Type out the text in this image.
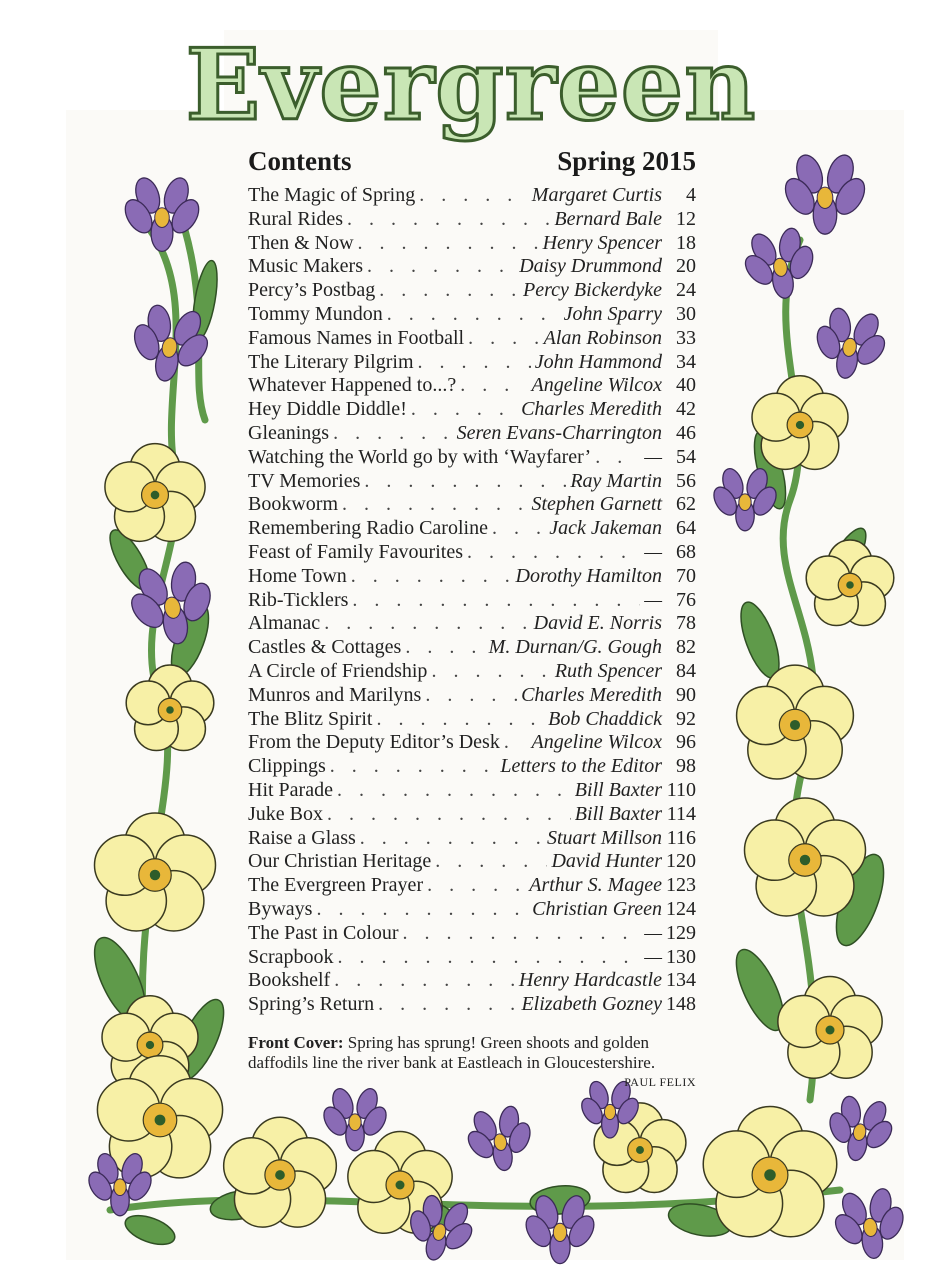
Evergreen
Contents	Spring 2015
The Magic of Spring . . .	Margaret Curtis	4
Rural Rides . . .	Bernard Bale 12
Then & Now . . .	Henry Spencer 18
Music Makers . . .	Daisy Drummond 20
Percy’s Postbag . . .	Percy Bickerdyke 24
Tommy Mundon . . .	John Sparry 30
Famous Names in Football . . .	Alan Robinson 33
The Literary Pilgrim . . .	John Hammond 34
Whatever Happened to...? . . .	Angeline Wilcox 40
Hey Diddle Diddle! . . .	Charles Meredith 42
Gleanings . . .	Seren Evans-Charrington 46
Watching the World go by with ‘Wayfarer’ . . .	— 54
TV Memories . . .	Ray Martin 56
Bookworm . . .	Stephen Garnett 62
Remembering Radio Caroline . . .	Jack Jakeman 64
Feast of Family Favourites . . .	— 68
Home Town . . .	Dorothy Hamilton 70
Rib-Ticklers . . .	— 76
Almanac . . .	David E. Norris 78
Castles & Cottages . . .	M. Durnan/G. Gough 82
A Circle of Friendship . . .	Ruth Spencer 84
Munros and Marilyns . . .	Charles Meredith 90
The Blitz Spirit . . .	Bob Chaddick 92
From the Deputy Editor’s Desk . . . Angeline Wilcox 96
Clippings . . .	Letters to the Editor 98
Hit Parade . . .	Bill Baxter 110
Juke Box . . .	Bill Baxter 114
Raise a Glass . . .	Stuart Millson 116
Our Christian Heritage . . .	David Hunter 120
The Evergreen Prayer . . .	Arthur S. Magee 123
Byways . . .	Christian Green 124
The Past in Colour . . .	— 129
Scrapbook . . .	— 130
Bookshelf . . .	Henry Hardcastle 134
Spring’s Return . . .	Elizabeth Gozney 148
Front Cover: Spring has sprung! Green shoots and golden daffodils line the river bank at Eastleach in Gloucestershire.
PAUL FELIX
